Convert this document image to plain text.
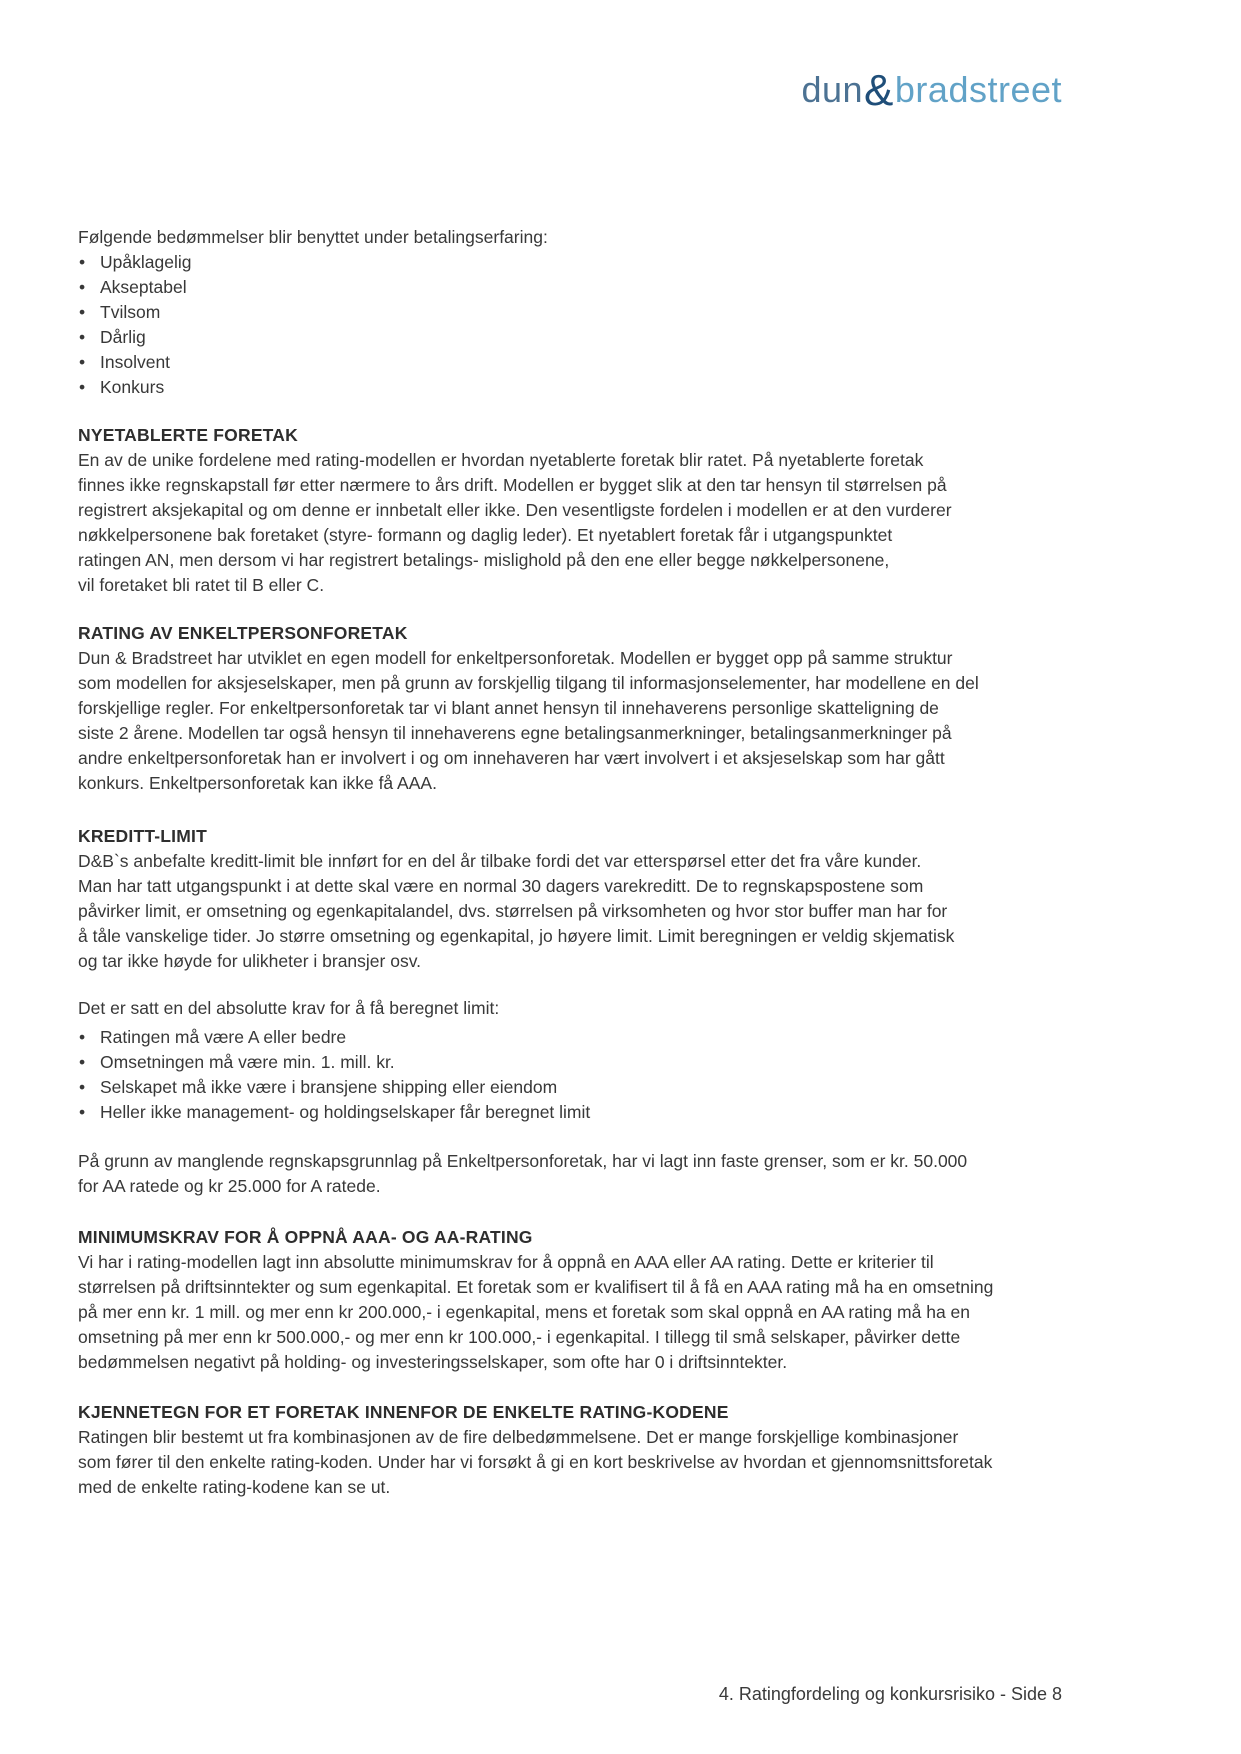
dun&bradstreet

Følgende bedømmelser blir benyttet under betalingserfaring:

• Upåklagelig
• Akseptabel
• Tvilsom
• Dårlig
• Insolvent
• Konkurs
NYETABLERTE FORETAK

En av de unike fordelene med rating-modellen er hvordan nyetablerte foretak blir ratet. På nyetablerte foretak

finnes ikke regnskapstall før etter nærmere to års drift. Modellen er bygget slik at den tar hensyn til størrelsen på

registrert aksjekapital og om denne er innbetalt eller ikke. Den vesentligste fordelen i modellen er at den vurderer

nøkkelpersonene bak foretaket (styre- formann og daglig leder). Et nyetablert foretak får i utgangspunktet

ratingen AN, men dersom vi har registrert betalings- mislighold på den ene eller begge nøkkelpersonene,

vil foretaket bli ratet til B eller C.

RATING AV ENKELTPERSONFORETAK

Dun & Bradstreet har utviklet en egen modell for enkeltpersonforetak. Modellen er bygget opp på samme struktur

som modellen for aksjeselskaper, men på grunn av forskjellig tilgang til informasjonselementer, har modellene en del

forskjellige regler. For enkeltpersonforetak tar vi blant annet hensyn til innehaverens personlige skatteligning de

siste 2 årene. Modellen tar også hensyn til innehaverens egne betalingsanmerkninger, betalingsanmerkninger på

andre enkeltpersonforetak han er involvert i og om innehaveren har vært involvert i et aksjeselskap som har gått

konkurs. Enkeltpersonforetak kan ikke få AAA.

KREDITT-LIMIT

D&B`s anbefalte kreditt-limit ble innført for en del år tilbake fordi det var etterspørsel etter det fra våre kunder.

Man har tatt utgangspunkt i at dette skal være en normal 30 dagers varekreditt. De to regnskapspostene som

påvirker limit, er omsetning og egenkapitalandel, dvs. størrelsen på virksomheten og hvor stor buffer man har for

å tåle vanskelige tider. Jo større omsetning og egenkapital, jo høyere limit. Limit beregningen er veldig skjematisk

og tar ikke høyde for ulikheter i bransjer osv.

Det er satt en del absolutte krav for å få beregnet limit:

• Ratingen må være A eller bedre
• Omsetningen må være min. 1. mill. kr.
• Selskapet må ikke være i bransjene shipping eller eiendom
• Heller ikke management- og holdingselskaper får beregnet limit

På grunn av manglende regnskapsgrunnlag på Enkeltpersonforetak, har vi lagt inn faste grenser, som er kr. 50.000

for AA ratede og kr 25.000 for A ratede.

MINIMUMSKRAV FOR Å OPPNÅ AAA- OG AA-RATING

Vi har i rating-modellen lagt inn absolutte minimumskrav for å oppnå en AAA eller AA rating. Dette er kriterier til

størrelsen på driftsinntekter og sum egenkapital. Et foretak som er kvalifisert til å få en AAA rating må ha en omsetning

på mer enn kr. 1 mill. og mer enn kr 200.000,- i egenkapital, mens et foretak som skal oppnå en AA rating må ha en

omsetning på mer enn kr 500.000,- og mer enn kr 100.000,- i egenkapital. I tillegg til små selskaper, påvirker dette

bedømmelsen negativt på holding- og investeringsselskaper, som ofte har 0 i driftsinntekter.

KJENNETEGN FOR ET FORETAK INNENFOR DE ENKELTE RATING-KODENE

Ratingen blir bestemt ut fra kombinasjonen av de fire delbedømmelsene. Det er mange forskjellige kombinasjoner

som fører til den enkelte rating-koden. Under har vi forsøkt å gi en kort beskrivelse av hvordan et gjennomsnittsforetak

med de enkelte rating-kodene kan se ut.

4. Ratingfordeling og konkursrisiko - Side 8
